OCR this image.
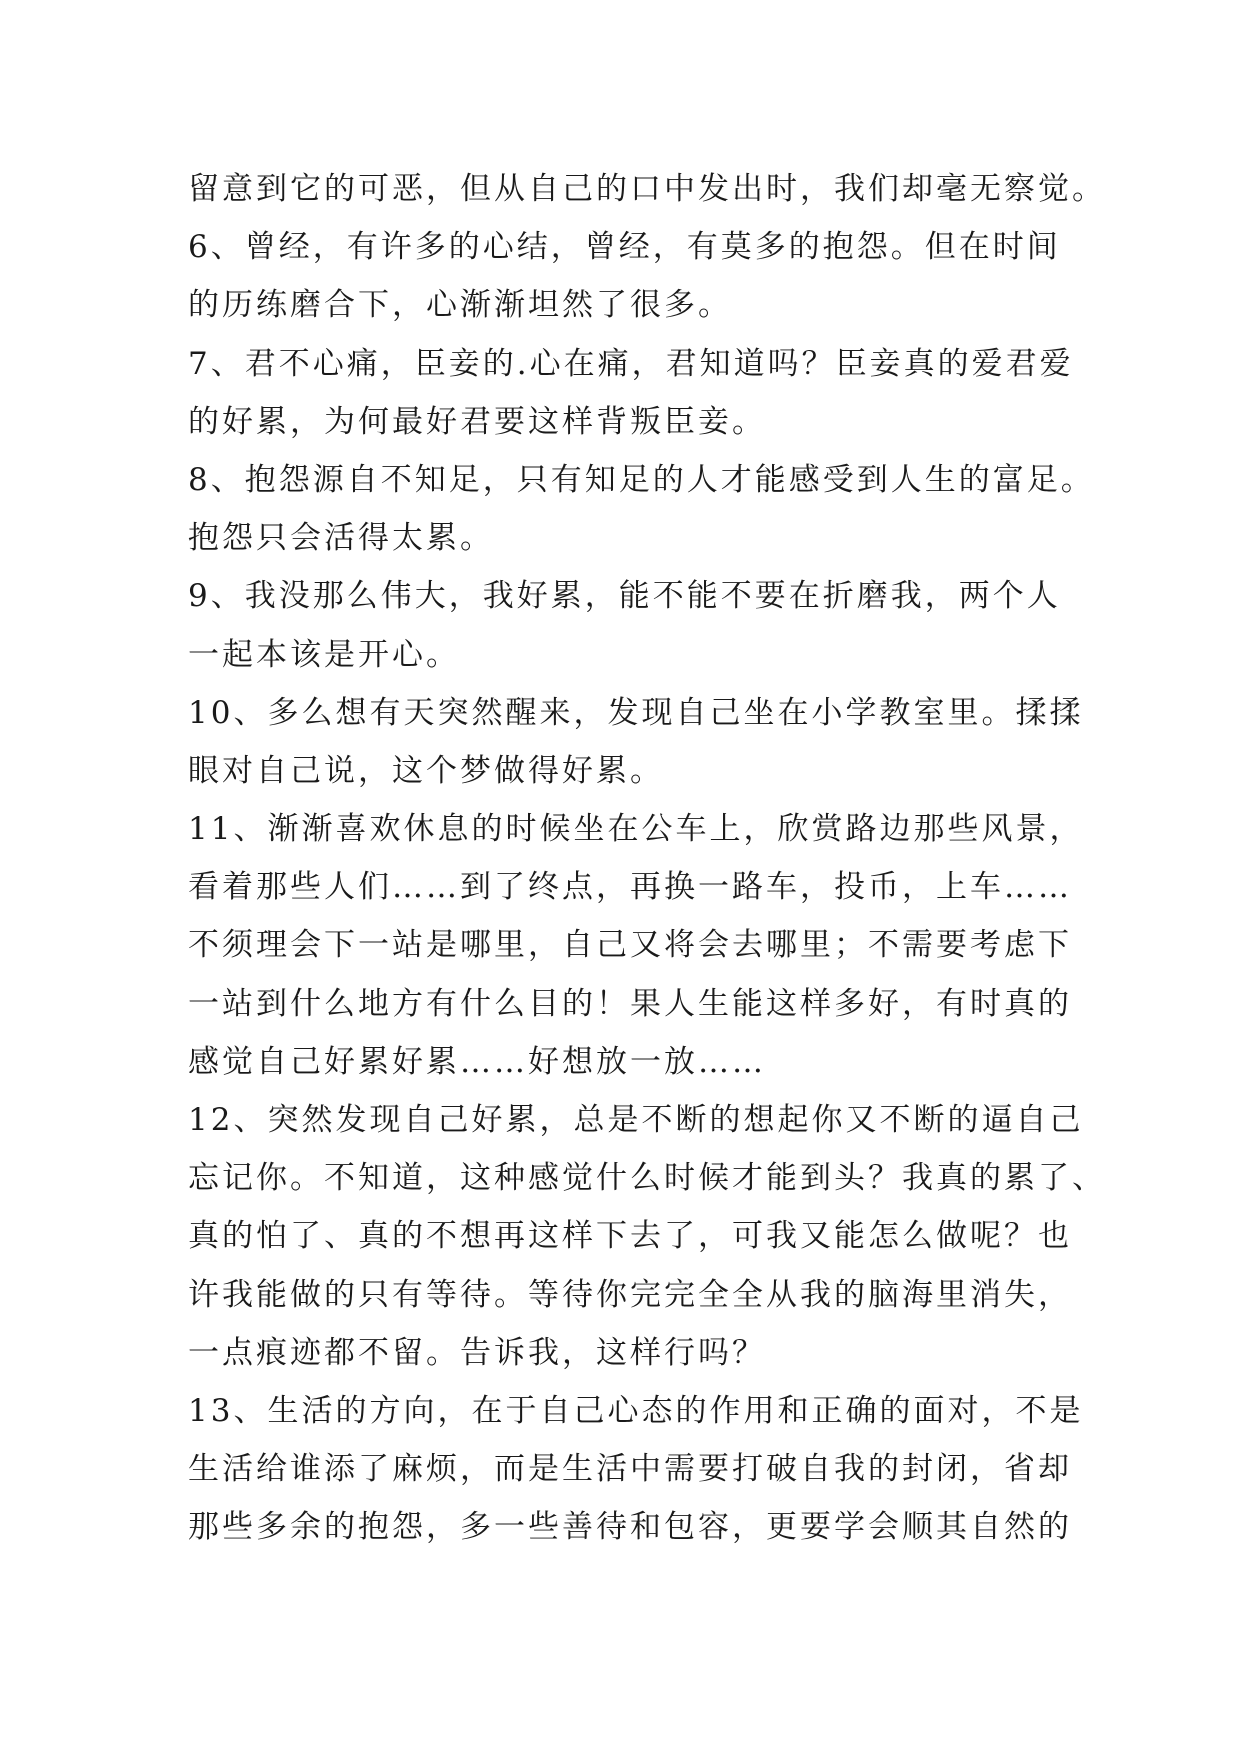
留意到它的可恶，但从自己的口中发出时，我们却毫无察觉。
6、曾经，有许多的心结，曾经，有莫多的抱怨。但在时间
的历练磨合下，心渐渐坦然了很多。
7、君不心痛，臣妾的.心在痛，君知道吗？臣妾真的爱君爱
的好累，为何最好君要这样背叛臣妾。
8、抱怨源自不知足，只有知足的人才能感受到人生的富足。
抱怨只会活得太累。
9、我没那么伟大，我好累，能不能不要在折磨我，两个人
一起本该是开心。
10、多么想有天突然醒来，发现自己坐在小学教室里。揉揉
眼对自己说，这个梦做得好累。
11、渐渐喜欢休息的时候坐在公车上，欣赏路边那些风景，
看着那些人们……到了终点，再换一路车，投币，上车……
不须理会下一站是哪里，自己又将会去哪里；不需要考虑下
一站到什么地方有什么目的！果人生能这样多好，有时真的
感觉自己好累好累……好想放一放……
12、突然发现自己好累，总是不断的想起你又不断的逼自己
忘记你。不知道，这种感觉什么时候才能到头？我真的累了、
真的怕了、真的不想再这样下去了，可我又能怎么做呢？也
许我能做的只有等待。等待你完完全全从我的脑海里消失，
一点痕迹都不留。告诉我，这样行吗？
13、生活的方向，在于自己心态的作用和正确的面对，不是
生活给谁添了麻烦，而是生活中需要打破自我的封闭，省却
那些多余的抱怨，多一些善待和包容，更要学会顺其自然的
